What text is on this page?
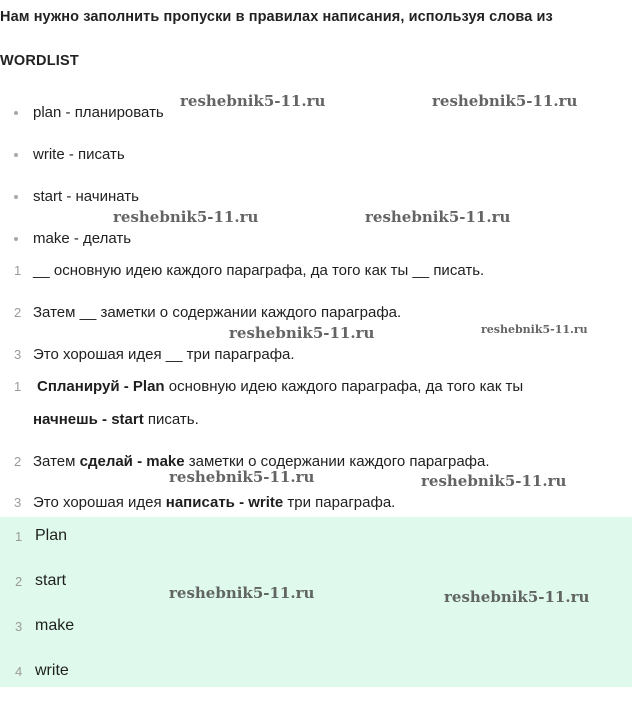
Нам нужно заполнить пропуски в правилах написания, используя слова из
WORDLIST
plan - планировать
write - писать
start - начинать
make - делать
1 __ основную идею каждого параграфа, да того как ты __ писать.
2 Затем __ заметки о содержании каждого параграфа.
3 Это хорошая идея __ три параграфа.
1 Спланируй - Plan основную идею каждого параграфа, да того как ты
начнешь - start писать.
2 Затем сделай - make заметки о содержании каждого параграфа.
3 Это хорошая идея написать - write три параграфа.
1 Plan
2 start
3 make
4 write
reshebnik5-11.ru	reshebnik5-11.ru
reshebnik5-11.ru	reshebnik5-11.ru
reshebnik5-11.ru	reshebnik5-11.ru
reshebnik5-11.ru	reshebnik5-11.ru
reshebnik5-11.ru	reshebnik5-11.ru
